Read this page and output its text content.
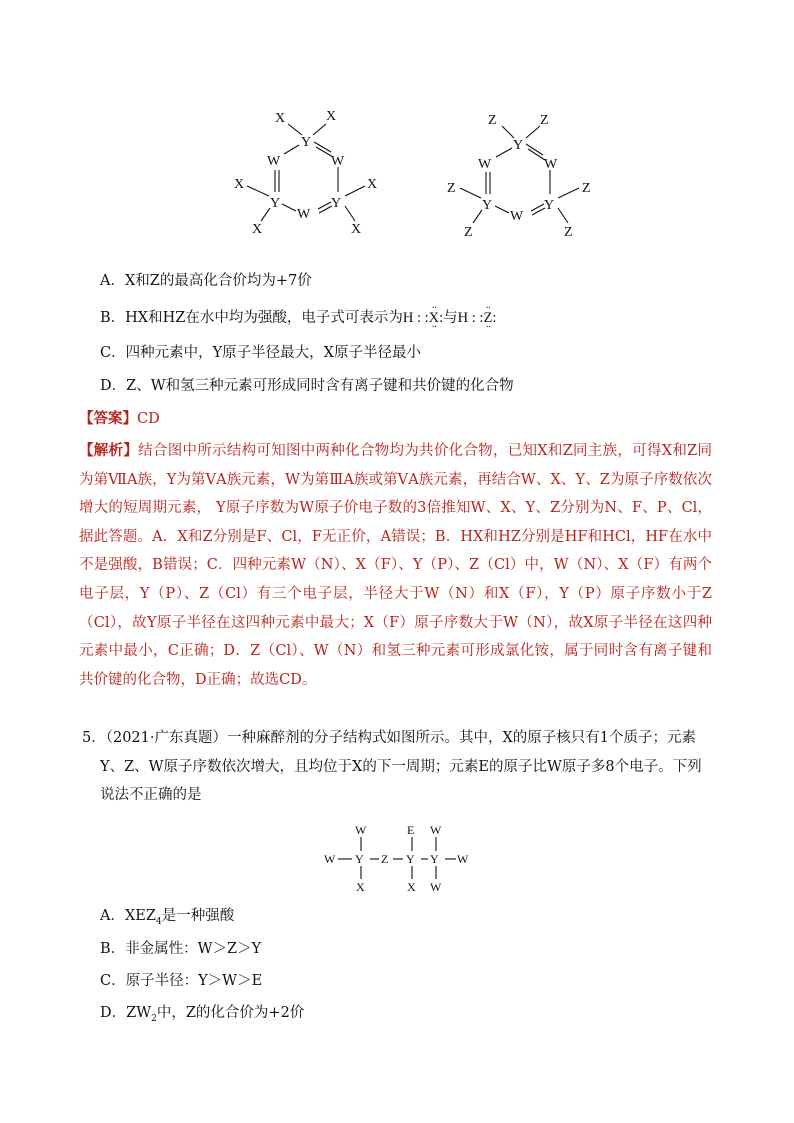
X	X
Y
W	W
X
Y
W
Y
X
X	X
Z	Z
Y
W	W
Z
Y
W
Y
Z
Z	Z
A．X和Z的最高化合价均为+7价
B．HX和HZ在水中均为强酸，电子式可表示为H : ·· :X: ··与H : ·· :Z: ··
C．四种元素中，Y原子半径最大，X原子半径最小
D．Z、W和氢三种元素可形成同时含有离子键和共价键的化合物
【答案】CD
【解析】结合图中所示结构可知图中两种化合物均为共价化合物，已知X和Z同主族，可得X和Z同为第ⅦA族，Y为第ⅤA族元素，W为第ⅢA族或第ⅤA族元素，再结合W、X、Y、Z为原子序数依次增大的短周期元素， Y原子序数为W原子价电子数的3倍推知W、X、Y、Z分别为N、F、P、Cl，据此答题。A．X和Z分别是F、Cl，F无正价，A错误；B．HX和HZ分别是HF和HCl，HF在水中不是强酸，B错误；C．四种元素W（N）、X（F）、Y（P）、Z（Cl）中，W（N）、X（F）有两个电子层，Y（P）、Z（Cl）有三个电子层，半径大于W（N）和X（F），Y（P）原子序数小于Z（Cl），故Y原子半径在这四种元素中最大；X（F）原子序数大于W（N），故X原子半径在这四种元素中最小，C正确；D．Z（Cl）、W（N）和氢三种元素可形成氯化铵，属于同时含有离子键和共价键的化合物，D正确；故选CD。
5．（2021·广东真题）一种麻醉剂的分子结构式如图所示。其中，X的原子核只有1个质子；元素Y、Z、W原子序数依次增大，且均位于X的下一周期；元素E的原子比W原子多8个电子。下列说法不正确的是
W	E W
W Y Z Y Y W
X	X W
A．$XEZ_4$是一种强酸
B．非金属性：W＞Z＞Y
C．原子半径：Y＞W＞E
D．$ZW_2$中，Z的化合价为+2价
